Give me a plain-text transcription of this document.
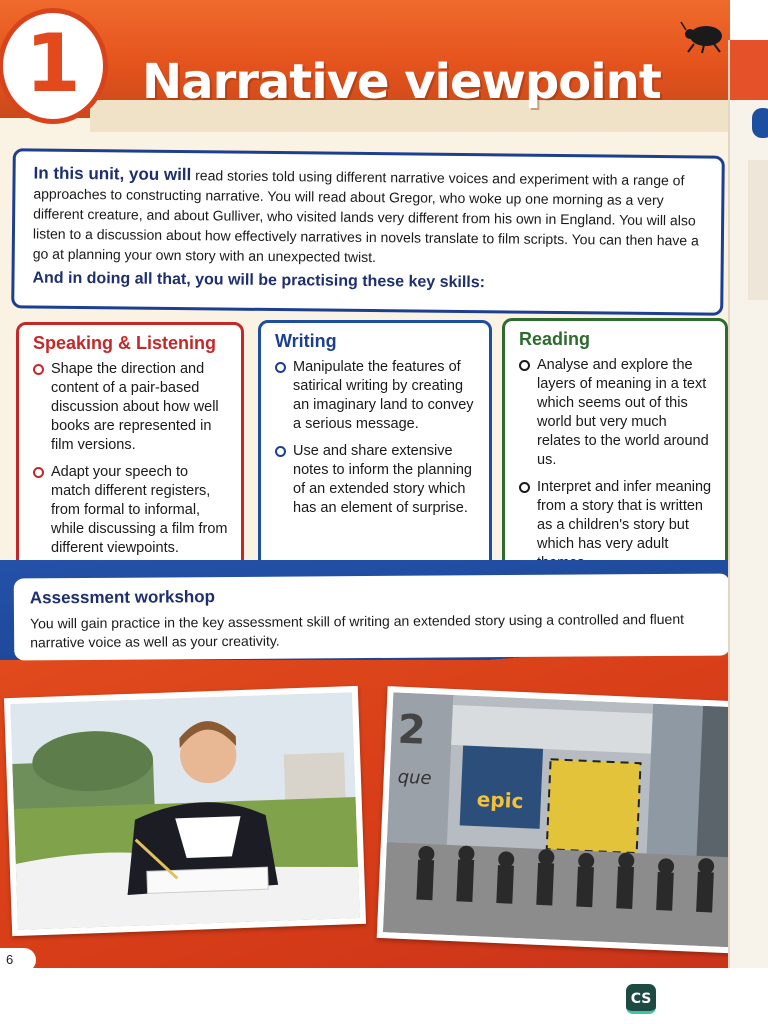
1 Narrative viewpoint

In this unit, you will read stories told using different narrative voices and experiment with a range of approaches to constructing narrative. You will read about Gregor, who woke up one morning as a very different creature, and about Gulliver, who visited lands very different from his own in England. You will also listen to a discussion about how effectively narratives in novels translate to film scripts. You can then have a go at planning your own story with an unexpected twist.

And in doing all that, you will be practising these key skills:

Speaking & Listening
Shape the direction and content of a pair-based discussion about how well books are represented in film versions.
Adapt your speech to match different registers, from formal to informal, while discussing a film from different viewpoints.
Writing
Manipulate the features of satirical writing by creating an imaginary land to convey a serious message.
Use and share extensive notes to inform the planning of an extended story which has an element of surprise.
Reading
Analyse and explore the layers of meaning in a text which seems out of this world but very much relates to the world around us.
Interpret and infer meaning from a story that is written as a children's story but which has very adult
Assessment workshop

You will gain practice in the key assessment skill of writing an extended story using a controlled and fluent narrative voice as well as your creativity.

2
que
epic
6
CS
